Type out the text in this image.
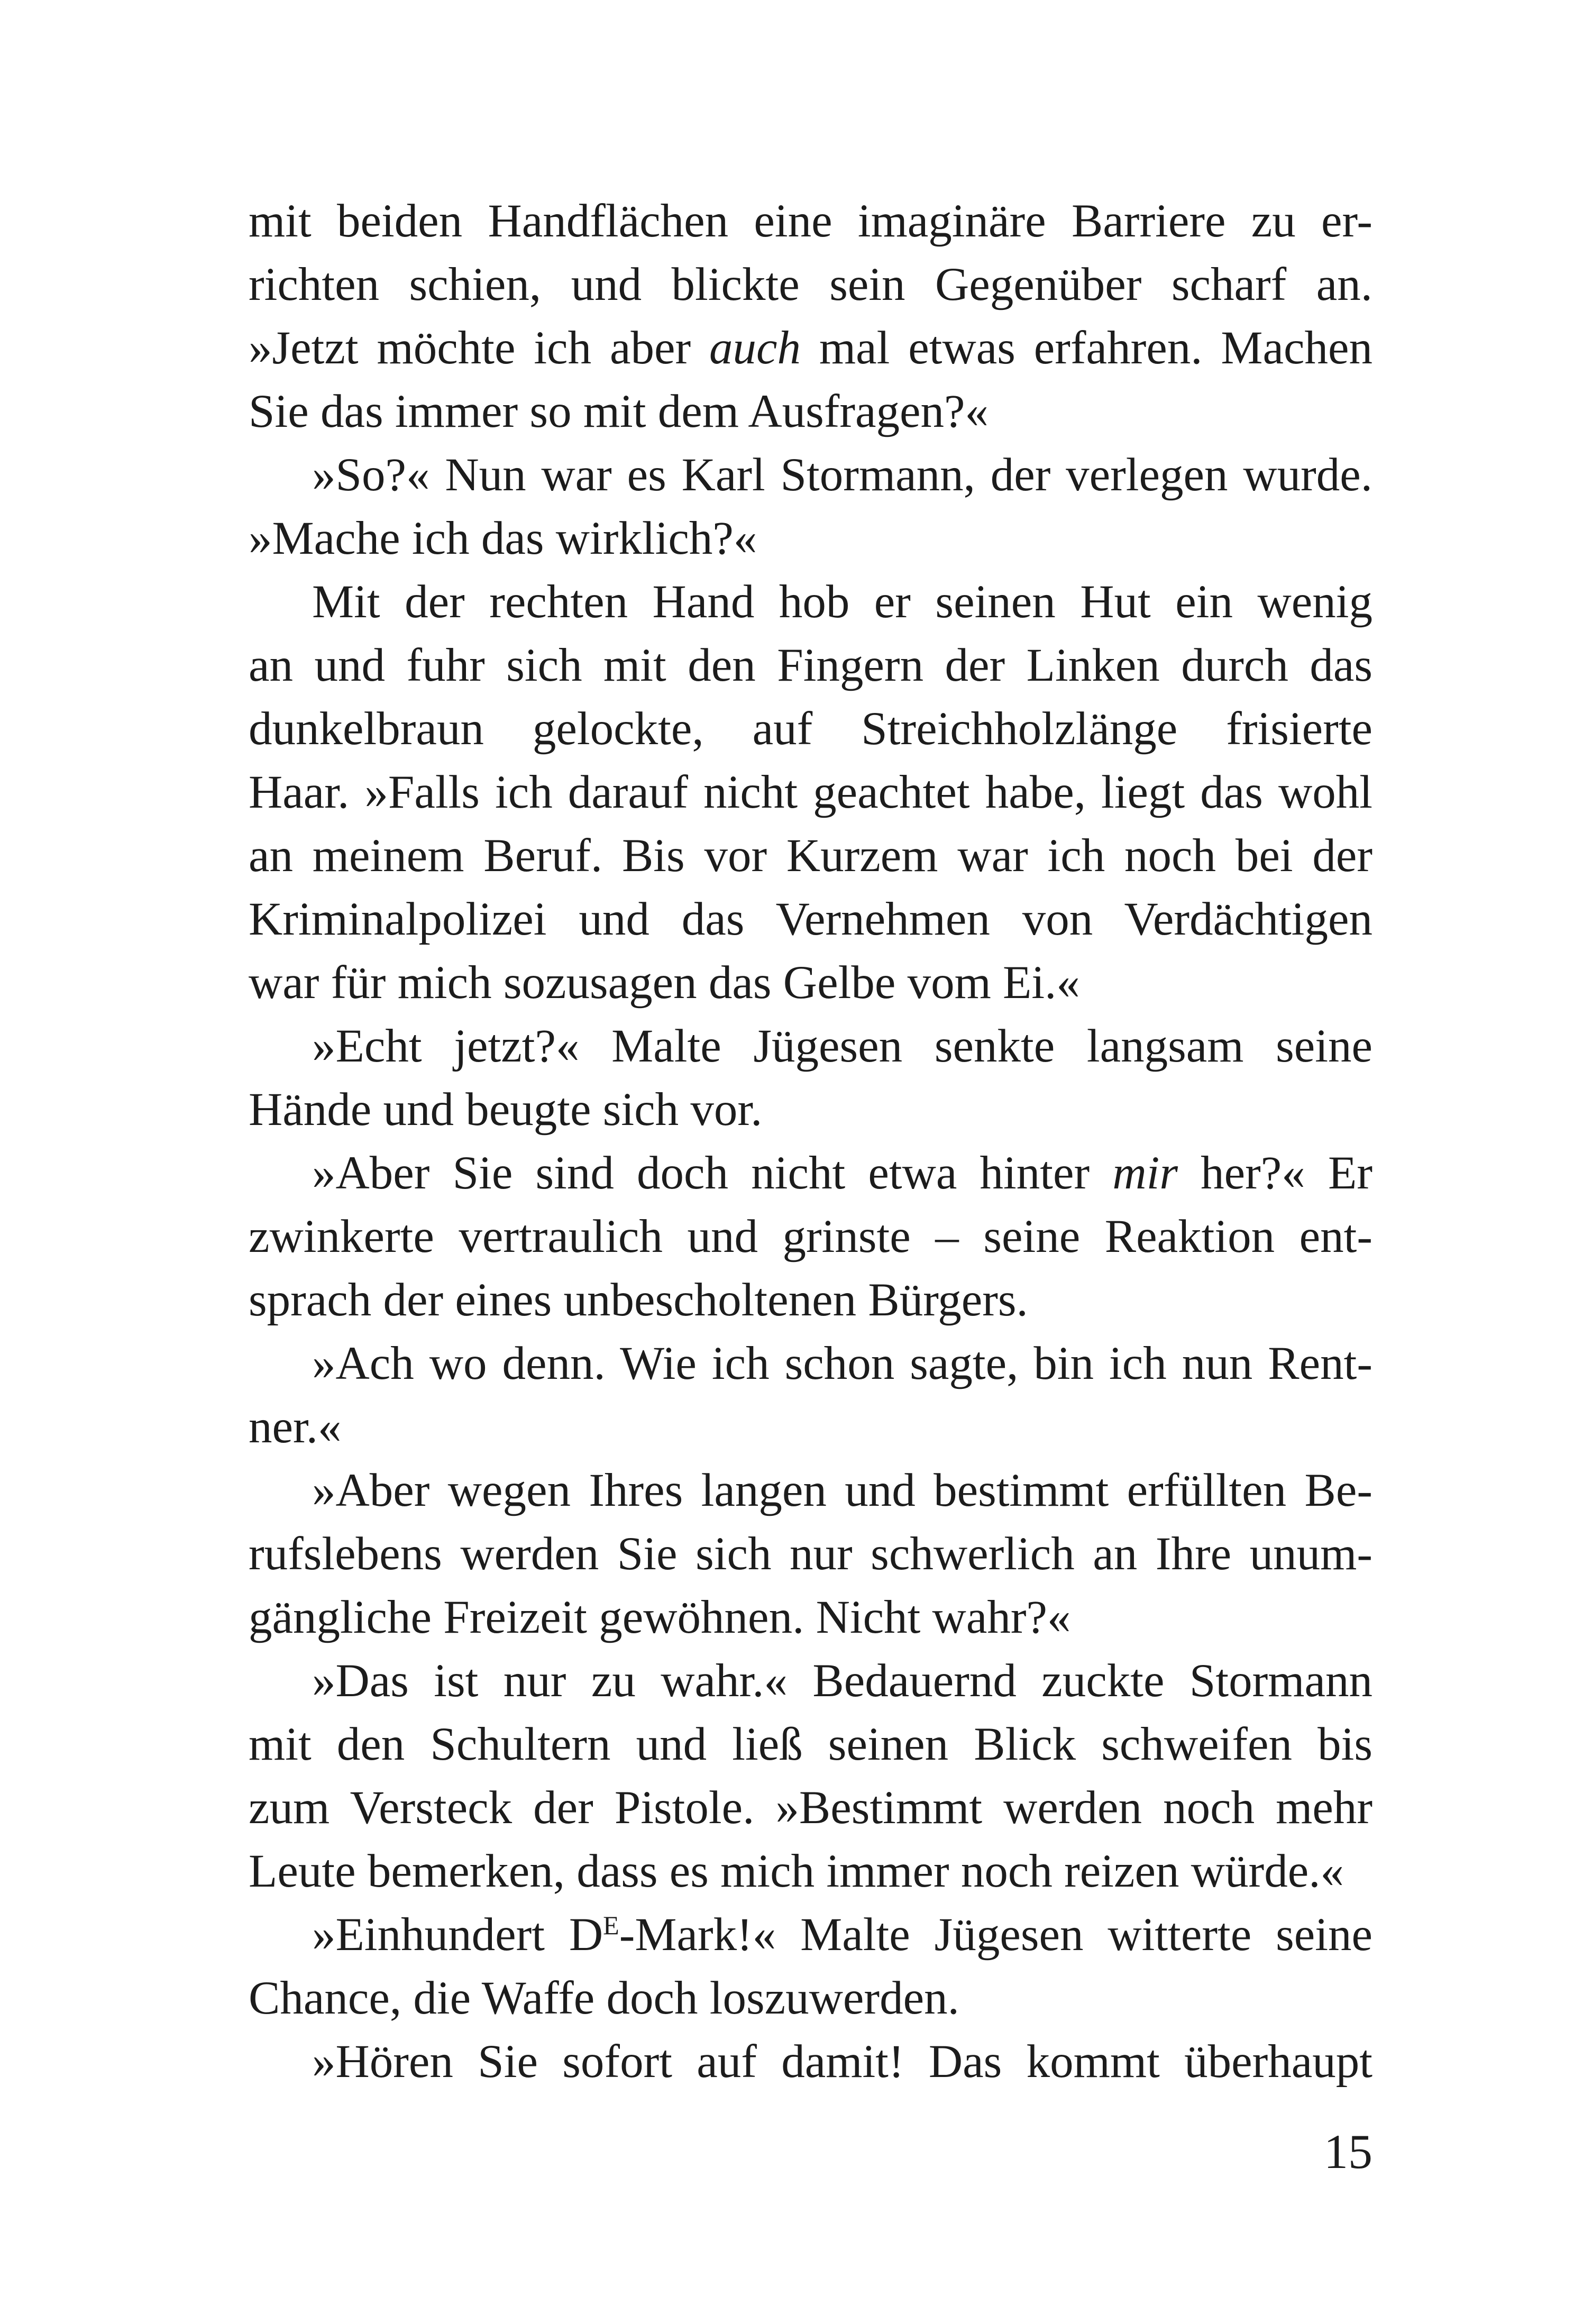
mit beiden Handflächen eine imaginäre Barriere zu er-
richten schien, und blickte sein Gegenüber scharf an.
»Jetzt möchte ich aber auch mal etwas erfahren. Machen
Sie das immer so mit dem Ausfragen?«
»So?« Nun war es Karl Stormann, der verlegen wurde.
»Mache ich das wirklich?«
Mit der rechten Hand hob er seinen Hut ein wenig
an und fuhr sich mit den Fingern der Linken durch das
dunkelbraun gelockte, auf Streichholzlänge frisierte
Haar. »Falls ich darauf nicht geachtet habe, liegt das wohl
an meinem Beruf. Bis vor Kurzem war ich noch bei der
Kriminalpolizei und das Vernehmen von Verdächtigen
war für mich sozusagen das Gelbe vom Ei.«
»Echt jetzt?« Malte Jügesen senkte langsam seine
Hände und beugte sich vor.
»Aber Sie sind doch nicht etwa hinter mir her?« Er
zwinkerte vertraulich und grinste – seine Reaktion ent-
sprach der eines unbescholtenen Bürgers.
»Ach wo denn. Wie ich schon sagte, bin ich nun Rent-
ner.«
»Aber wegen Ihres langen und bestimmt erfüllten Be-
rufslebens werden Sie sich nur schwerlich an Ihre unum-
gängliche Freizeit gewöhnen. Nicht wahr?«
»Das ist nur zu wahr.« Bedauernd zuckte Stormann
mit den Schultern und ließ seinen Blick schweifen bis
zum Versteck der Pistole. »Bestimmt werden noch mehr
Leute bemerken, dass es mich immer noch reizen würde.«
»Einhundert $D^E-Mark!«$ Malte Jügesen witterte seine
Chance, die Waffe doch loszuwerden.
»Hören Sie sofort auf damit! Das kommt überhaupt
15
